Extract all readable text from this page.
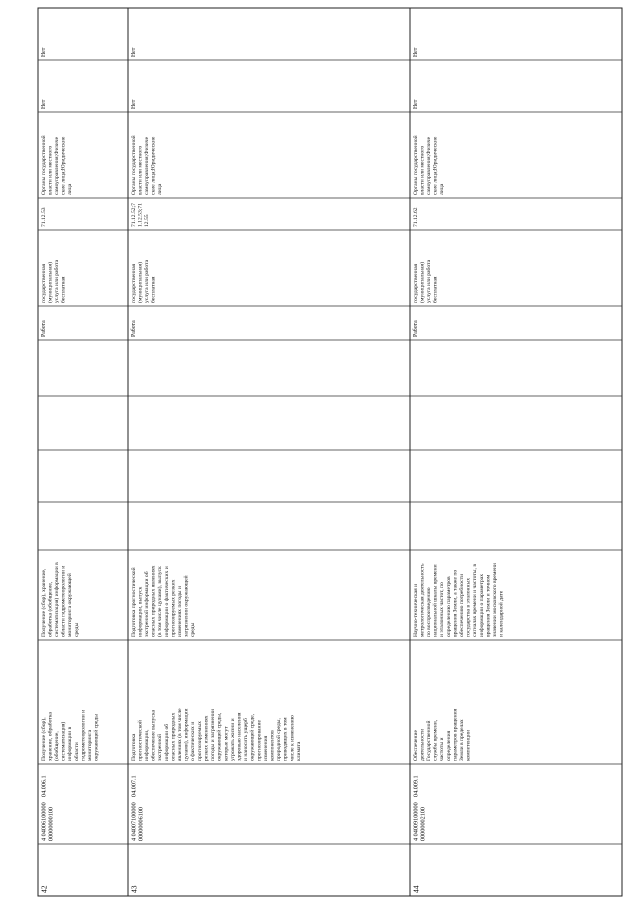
42
4 04006100000 00000000100
04.006.1
Получение (сбор), хранение, обработка (обобщение, систематизация) информации в области гидрометеорологии и мониторинга окружающей среды
Получение (сбор), хранение, обработка (обобщение, систематизация) информации в области гидрометеорологии и мониторинга окружающей среды
Работа
государственная (муниципальная) услуга или работа бесплатная
71.12.53
Органы государственной власти или местного самоуправления;Физиче ские лица;Юридические лица
Нет
Нет
43
4 04007100000 00000006100
04.007.1
Подготовка прогностической информации, обеспечение выпуска экстренной информации об опасных природных явлениях (в том числе цунами), информации о фактических и прогнозируемых резких изменениях погоды и загрязнении окружающей среды, которые могут угрожать жизни и здоровью населения и наносить ущерб окружающей среде, прогнозирование изменения компонентов природной среды, приводящих в том числе к изменению климата
Подготовка прогностической информации, выпуск экстренной информации об опасных природных явлениях (в том числе цунами), выпуск информации о фактических и прогнозируемых резких изменениях погоды и загрязнении окружающей среды
Работа
государственная (муниципальная) услуга или работа бесплатная
71.12.52;7 1.12.53;71 12.55
Органы государственной власти или местного самоуправления;Физиче ские лица;Юридические лица
Нет
Нет
44
4 04009100000 00000002100
04.009.1
Обеспечение деятельности Государственной службы времени, частоты и определения параметров вращения Земли в пределах компетенции
Научно-техническая и метрологическая деятельность по воспроизведению национальной шкалы времени и эталонных частот, по определению параметров вращения Земли, а также по обеспечению потребности государства в эталонных сигналах времени и частоты, в информации о параметрах вращения Земли и точном значении московского времени и календарной дате
Работа
государственная (муниципальная) услуга или работа бесплатная
71.12.62
Органы государственной власти или местного самоуправления;Физиче ские лица;Юридические лица
Нет
Нет
